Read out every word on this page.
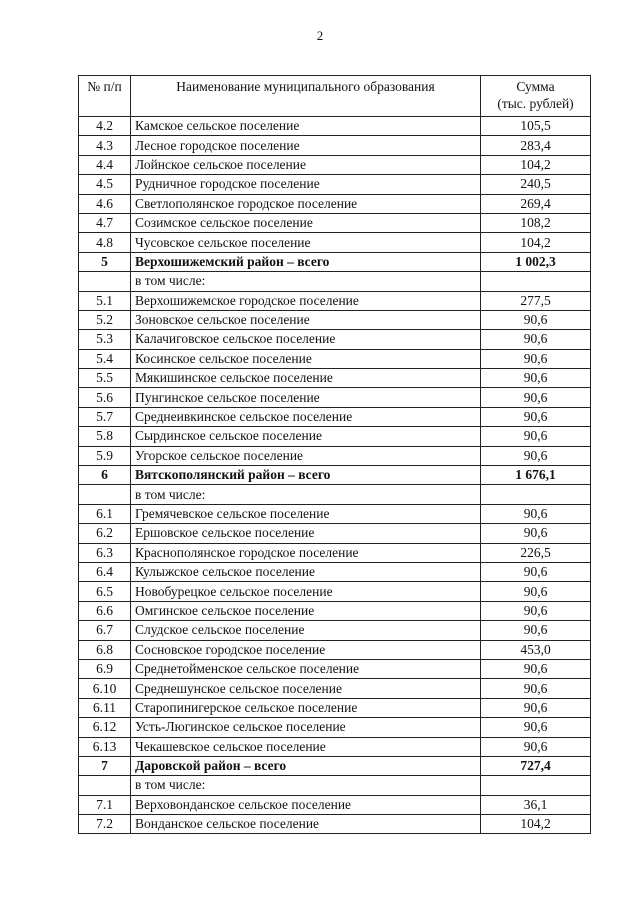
2
№ п/п	Наименование муниципального образования	Сумма
(тыс. рублей)
4.2	Камское сельское поселение	105,5
4.3	Лесное городское поселение	283,4
4.4	Лойнское сельское поселение	104,2
4.5	Рудничное городское поселение	240,5
4.6	Светлополянское городское поселение	269,4
4.7	Созимское сельское поселение	108,2
4.8	Чусовское сельское поселение	104,2
5	Верхошижемский район – всего	1 002,3
	в том числе:	
5.1	Верхошижемское городское поселение	277,5
5.2	Зоновское сельское поселение	90,6
5.3	Калачиговское сельское поселение	90,6
5.4	Косинское сельское поселение	90,6
5.5	Мякишинское сельское поселение	90,6
5.6	Пунгинское сельское поселение	90,6
5.7	Среднеивкинское сельское поселение	90,6
5.8	Сырдинское сельское поселение	90,6
5.9	Угорское сельское поселение	90,6
6	Вятскополянский район – всего	1 676,1
	в том числе:	
6.1	Гремячевское сельское поселение	90,6
6.2	Ершовское сельское поселение	90,6
6.3	Краснополянское городское поселение	226,5
6.4	Кулыжское сельское поселение	90,6
6.5	Новобурецкое сельское поселение	90,6
6.6	Омгинское сельское поселение	90,6
6.7	Слудское сельское поселение	90,6
6.8	Сосновское городское поселение	453,0
6.9	Среднетойменское сельское поселение	90,6
6.10	Среднешунское сельское поселение	90,6
6.11	Старопинигерское сельское поселение	90,6
6.12	Усть-Люгинское сельское поселение	90,6
6.13	Чекашевское сельское поселение	90,6
7	Даровской район – всего	727,4
	в том числе:	
7.1	Верховонданское сельское поселение	36,1
7.2	Вонданское сельское поселение	104,2
